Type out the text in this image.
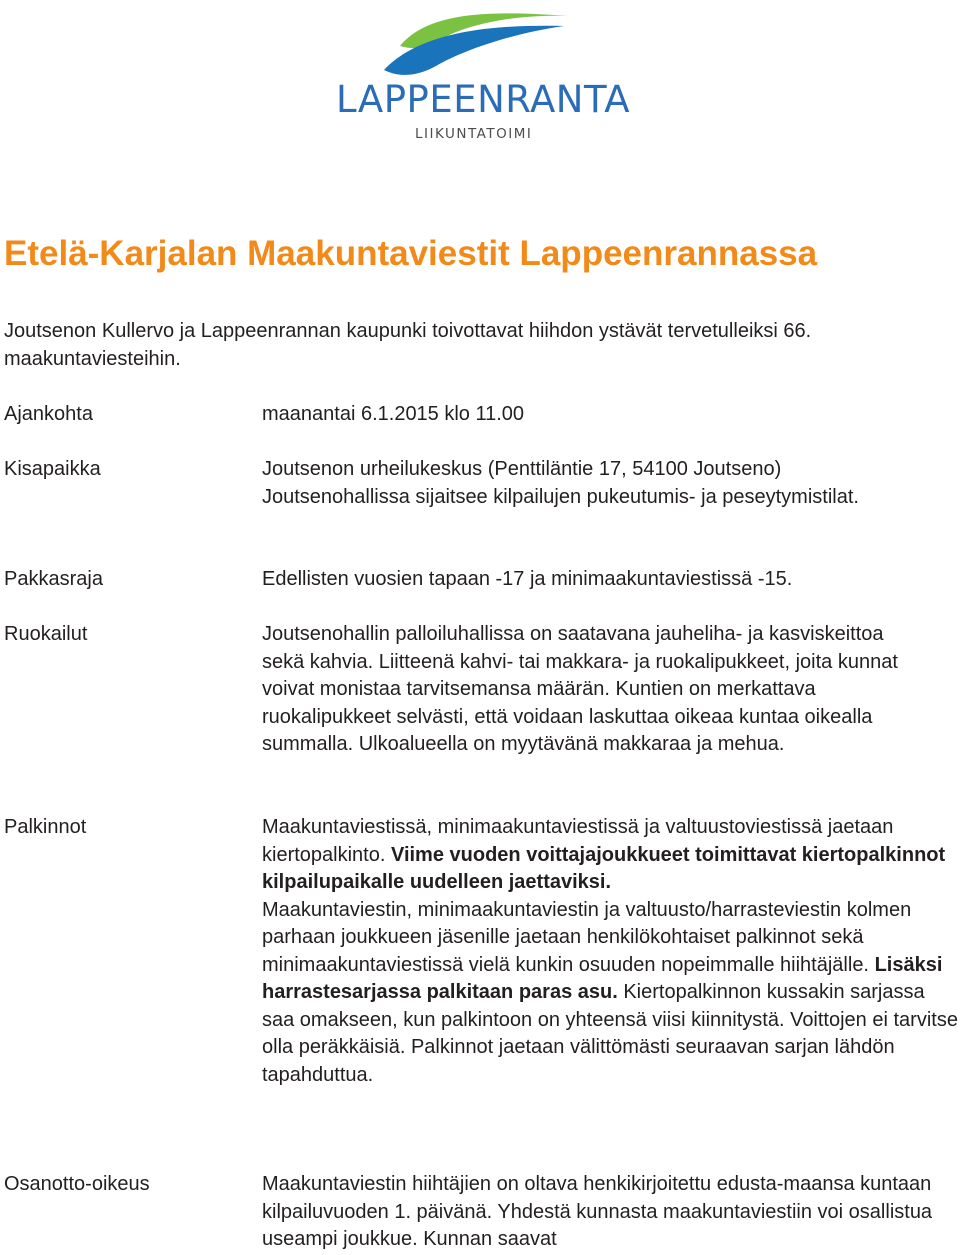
LAPPEENRANTA
LIIKUNTATOIMI
Etelä-Karjalan Maakuntaviestit Lappeenrannassa

Joutsenon Kullervo ja Lappeenrannan kaupunki toivottavat hiihdon ystävät tervetulleiksi 66. maakuntaviesteihin.

Ajankohta	maanantai 6.1.2015 klo 11.00
Kisapaikka	Joutsenon urheilukeskus (Penttiläntie 17, 54100 Joutseno) Joutsenohallissa sijaitsee kilpailujen pukeutumis- ja peseytymistilat.
Pakkasraja	Edellisten vuosien tapaan -17 ja minimaakuntaviestissä -15.
Ruokailut	Joutsenohallin palloiluhallissa on saatavana jauheliha- ja kasviskeittoa sekä kahvia. Liitteenä kahvi- tai makkara- ja ruokalipukkeet, joita kunnat voivat monistaa tarvitsemansa määrän. Kuntien on merkattava ruokalipukkeet selvästi, että voidaan laskuttaa oikeaa kuntaa oikealla summalla. Ulkoalueella on myytävänä makkaraa ja mehua.
Palkinnot	Maakuntaviestissä, minimaakuntaviestissä ja valtuustoviestissä jaetaan kiertopalkinto. Viime vuoden voittajajoukkueet toimittavat kiertopalkinnot kilpailupaikalle uudelleen jaettaviksi.

Maakuntaviestin, minimaakuntaviestin ja valtuusto/harrasteviestin kolmen parhaan joukkueen jäsenille jaetaan henkilökohtaiset palkinnot sekä minimaakuntaviestissä vielä kunkin osuuden nopeimmalle hiihtäjälle. Lisäksi harrastesarjassa palkitaan paras asu. Kiertopalkinnon kussakin sarjassa saa omakseen, kun palkintoon on yhteensä viisi kiinnitystä. Voittojen ei tarvitse olla peräkkäisiä. Palkinnot jaetaan välittömästi seuraavan sarjan lähdön tapahduttua.

Osanotto-oikeus	Maakuntaviestin hiihtäjien on oltava henkikirjoitettu edusta-maansa kuntaan kilpailuvuoden 1. päivänä. Yhdestä kunnasta maakuntaviestiin voi osallistua useampi joukkue. Kunnan saavat
